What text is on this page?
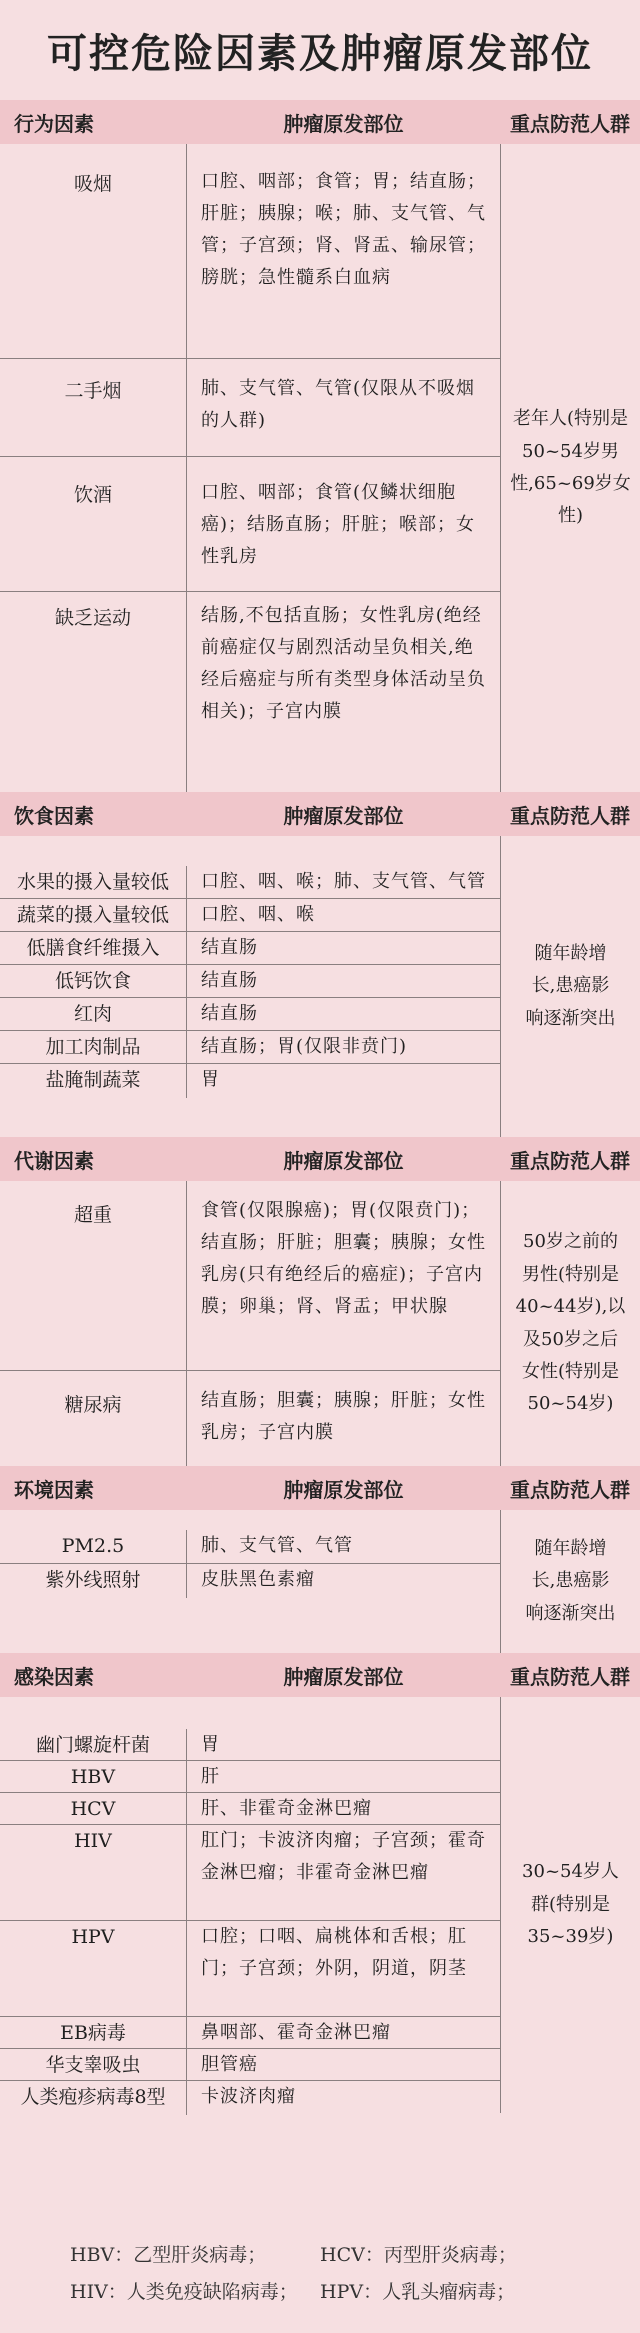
可控危险因素及肿瘤原发部位
行为因素	肿瘤原发部位	重点防范人群
吸烟	口腔、咽部；食管；胃；结直肠；肝脏；胰腺；喉；肺、支气管、气管；子宫颈；肾、肾盂、输尿管；膀胱；急性髓系白血病
二手烟	肺、支气管、气管(仅限从不吸烟的人群)
饮酒	口腔、咽部；食管(仅鳞状细胞癌)；结肠直肠；肝脏；喉部；女性乳房
缺乏运动	结肠,不包括直肠；女性乳房(绝经前癌症仅与剧烈活动呈负相关,绝经后癌症与所有类型身体活动呈负相关)；子宫内膜
老年人(特别是50~54岁男性,65~69岁女性)
饮食因素	肿瘤原发部位	重点防范人群
水果的摄入量较低	口腔、咽、喉；肺、支气管、气管
蔬菜的摄入量较低	口腔、咽、喉
低膳食纤维摄入	结直肠
低钙饮食	结直肠
红肉	结直肠
加工肉制品	结直肠；胃(仅限非贲门)
盐腌制蔬菜	胃
随年龄增长,患癌影响逐渐突出
代谢因素	肿瘤原发部位	重点防范人群
超重	食管(仅限腺癌)；胃(仅限贲门)；结直肠；肝脏；胆囊；胰腺；女性乳房(只有绝经后的癌症)；子宫内膜；卵巢；肾、肾盂；甲状腺
糖尿病	结直肠；胆囊；胰腺；肝脏；女性乳房；子宫内膜
50岁之前的男性(特别是40~44岁),以及50岁之后女性(特别是50~54岁)
环境因素	肿瘤原发部位	重点防范人群
PM2.5	肺、支气管、气管
紫外线照射	皮肤黑色素瘤
随年龄增长,患癌影响逐渐突出
感染因素	肿瘤原发部位	重点防范人群
幽门螺旋杆菌	胃
HBV	肝
HCV	肝、非霍奇金淋巴瘤
HIV	肛门；卡波济肉瘤；子宫颈；霍奇金淋巴瘤；非霍奇金淋巴瘤
HPV	口腔；口咽、扁桃体和舌根；肛门；子宫颈；外阴，阴道，阴茎
EB病毒	鼻咽部、霍奇金淋巴瘤
华支睾吸虫	胆管癌
人类疱疹病毒8型	卡波济肉瘤
30~54岁人群(特别是35~39岁)
HBV：乙型肝炎病毒；	HCV：丙型肝炎病毒；
HIV：人类免疫缺陷病毒；	HPV：人乳头瘤病毒；
